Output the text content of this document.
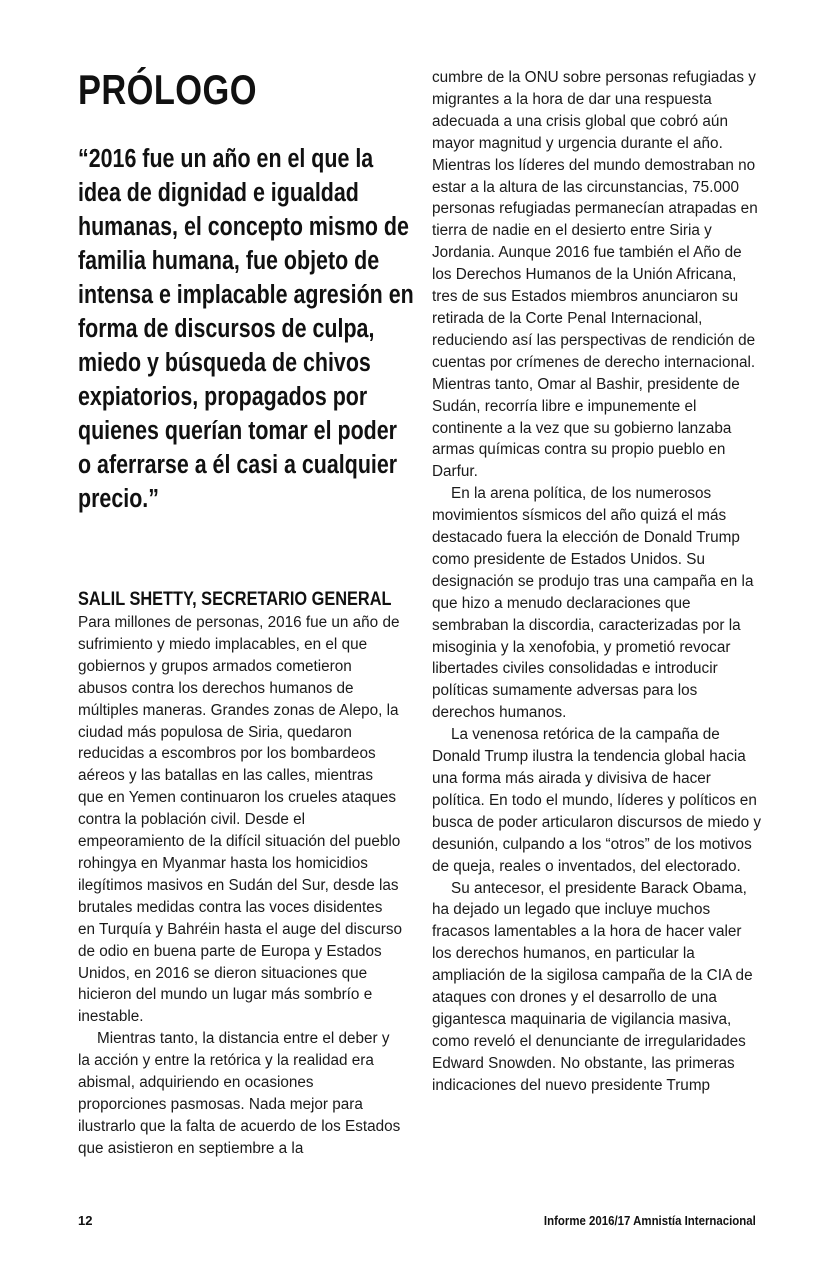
PRÓLOGO

“2016 fue un año en el que la idea de dignidad e igualdad humanas, el concepto mismo de familia humana, fue objeto de intensa e implacable agresión en forma de discursos de culpa, miedo y búsqueda de chivos expiatorios, propagados por quienes querían tomar el poder o aferrarse a él casi a cualquier precio.”

SALIL SHETTY, SECRETARIO GENERAL

Para millones de personas, 2016 fue un año de sufrimiento y miedo implacables, en el que gobiernos y grupos armados cometieron abusos contra los derechos humanos de múltiples maneras. Grandes zonas de Alepo, la ciudad más populosa de Siria, quedaron reducidas a escombros por los bombardeos aéreos y las batallas en las calles, mientras que en Yemen continuaron los crueles ataques contra la población civil. Desde el empeoramiento de la difícil situación del pueblo rohingya en Myanmar hasta los homicidios ilegítimos masivos en Sudán del Sur, desde las brutales medidas contra las voces disidentes en Turquía y Bahréin hasta el auge del discurso de odio en buena parte de Europa y Estados Unidos, en 2016 se dieron situaciones que hicieron del mundo un lugar más sombrío e inestable.

Mientras tanto, la distancia entre el deber y la acción y entre la retórica y la realidad era abismal, adquiriendo en ocasiones proporciones pasmosas. Nada mejor para ilustrarlo que la falta de acuerdo de los Estados que asistieron en septiembre a la

cumbre de la ONU sobre personas refugiadas y migrantes a la hora de dar una respuesta adecuada a una crisis global que cobró aún mayor magnitud y urgencia durante el año. Mientras los líderes del mundo demostraban no estar a la altura de las circunstancias, 75.000 personas refugiadas permanecían atrapadas en tierra de nadie en el desierto entre Siria y Jordania. Aunque 2016 fue también el Año de los Derechos Humanos de la Unión Africana, tres de sus Estados miembros anunciaron su retirada de la Corte Penal Internacional, reduciendo así las perspectivas de rendición de cuentas por crímenes de derecho internacional. Mientras tanto, Omar al Bashir, presidente de Sudán, recorría libre e impunemente el continente a la vez que su gobierno lanzaba armas químicas contra su propio pueblo en Darfur.

En la arena política, de los numerosos movimientos sísmicos del año quizá el más destacado fuera la elección de Donald Trump como presidente de Estados Unidos. Su designación se produjo tras una campaña en la que hizo a menudo declaraciones que sembraban la discordia, caracterizadas por la misoginia y la xenofobia, y prometió revocar libertades civiles consolidadas e introducir políticas sumamente adversas para los derechos humanos.

La venenosa retórica de la campaña de Donald Trump ilustra la tendencia global hacia una forma más airada y divisiva de hacer política. En todo el mundo, líderes y políticos en busca de poder articularon discursos de miedo y desunión, culpando a los “otros” de los motivos de queja, reales o inventados, del electorado.

Su antecesor, el presidente Barack Obama, ha dejado un legado que incluye muchos fracasos lamentables a la hora de hacer valer los derechos humanos, en particular la ampliación de la sigilosa campaña de la CIA de ataques con drones y el desarrollo de una gigantesca maquinaria de vigilancia masiva, como reveló el denunciante de irregularidades Edward Snowden. No obstante, las primeras indicaciones del nuevo presidente Trump

12	Informe 2016/17 Amnistía Internacional
